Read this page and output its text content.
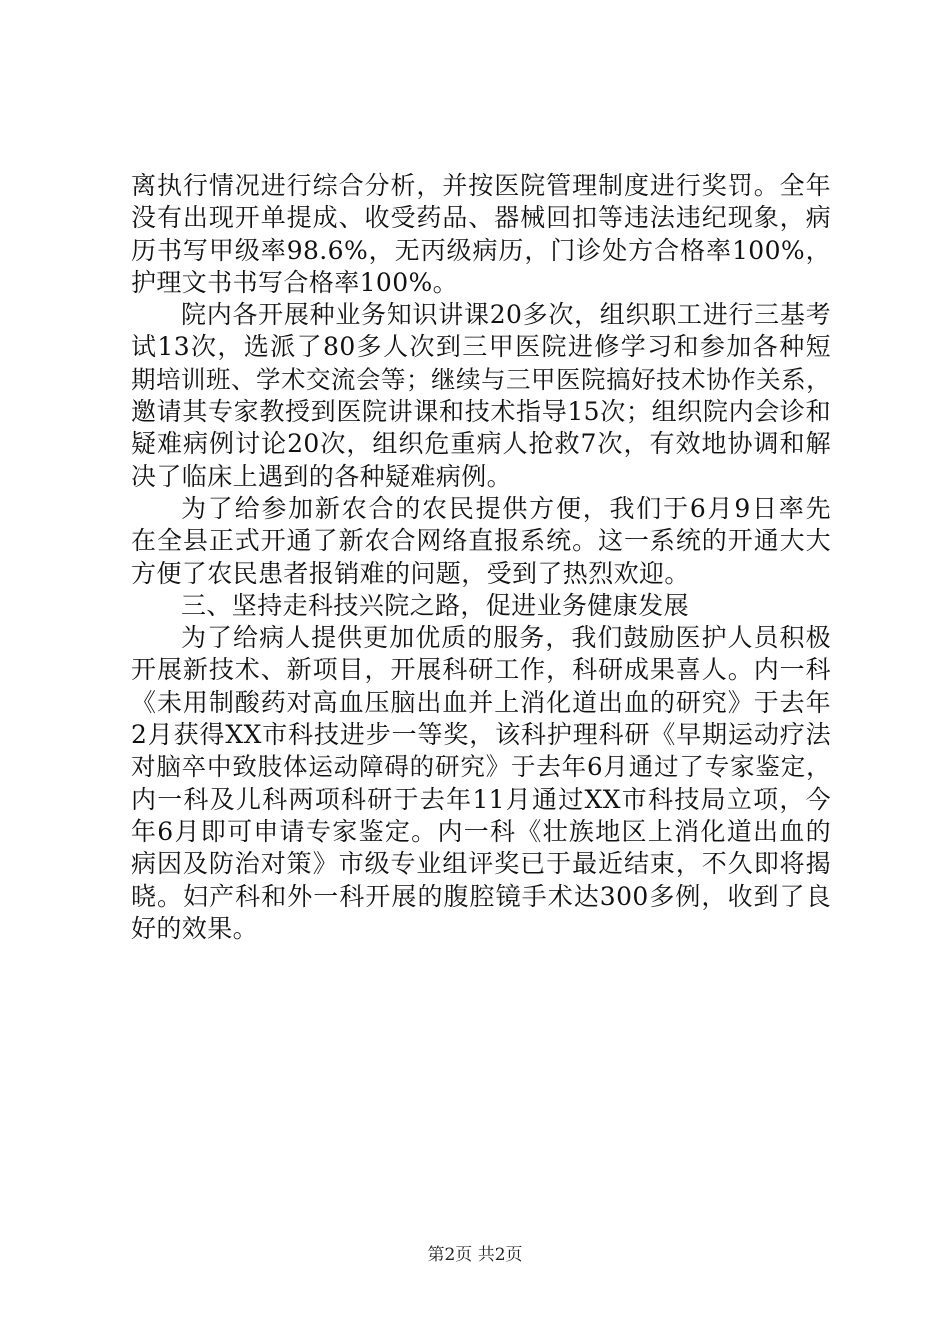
离执行情况进行综合分析，并按医院管理制度进行奖罚。全年
没有出现开单提成、收受药品、器械回扣等违法违纪现象，病
历书写甲级率98.6%，无丙级病历，门诊处方合格率100%，
护理文书书写合格率100%。
院内各开展种业务知识讲课20多次，组织职工进行三基考
试13次，选派了80多人次到三甲医院进修学习和参加各种短
期培训班、学术交流会等；继续与三甲医院搞好技术协作关系，
邀请其专家教授到医院讲课和技术指导15次；组织院内会诊和
疑难病例讨论20次，组织危重病人抢救7次，有效地协调和解
决了临床上遇到的各种疑难病例。
为了给参加新农合的农民提供方便，我们于6月9日率先
在全县正式开通了新农合网络直报系统。这一系统的开通大大
方便了农民患者报销难的问题，受到了热烈欢迎。
三、坚持走科技兴院之路，促进业务健康发展
为了给病人提供更加优质的服务，我们鼓励医护人员积极
开展新技术、新项目，开展科研工作，科研成果喜人。内一科
《未用制酸药对高血压脑出血并上消化道出血的研究》于去年
2月获得XX市科技进步一等奖，该科护理科研《早期运动疗法
对脑卒中致肢体运动障碍的研究》于去年6月通过了专家鉴定，
内一科及儿科两项科研于去年11月通过XX市科技局立项，今
年6月即可申请专家鉴定。内一科《壮族地区上消化道出血的
病因及防治对策》市级专业组评奖已于最近结束，不久即将揭
晓。妇产科和外一科开展的腹腔镜手术达300多例，收到了良
好的效果。
第2页 共2页
